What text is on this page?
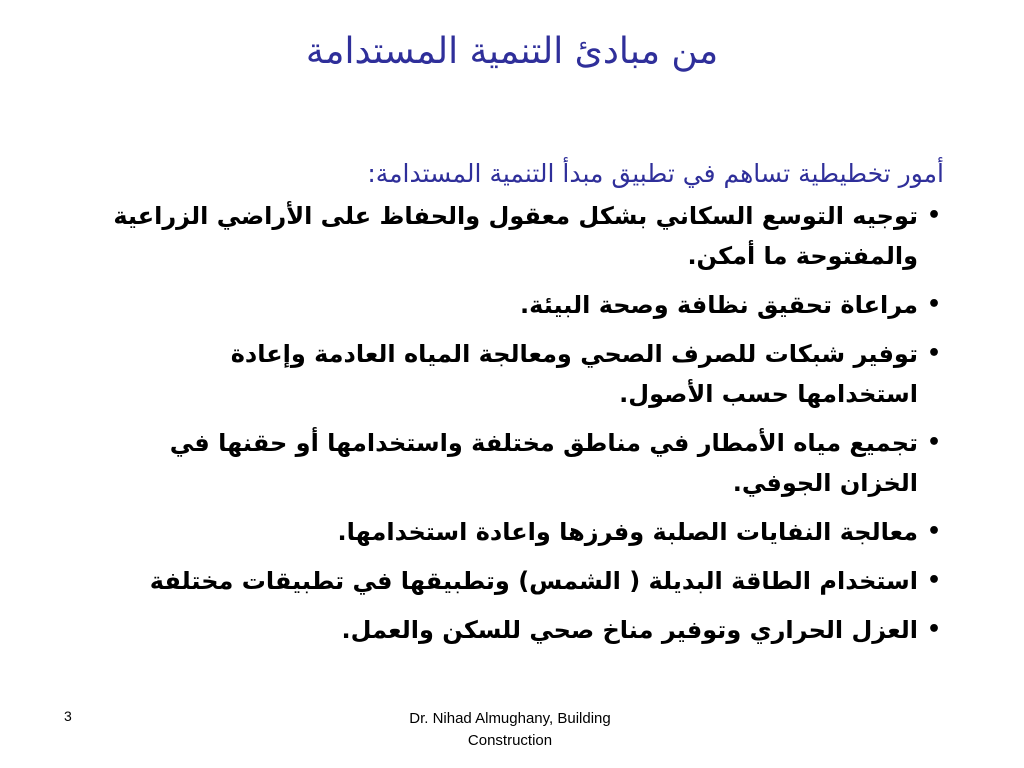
من مبادئ التنمية المستدامة
أمور تخطيطية تساهم في تطبيق مبدأ التنمية المستدامة:
•
توجيه التوسع السكاني بشكل معقول والحفاظ على الأراضي الزراعية والمفتوحة ما أمكن.
•
مراعاة تحقيق نظافة وصحة البيئة.
•
توفير شبكات للصرف الصحي ومعالجة المياه العادمة وإعادة استخدامها حسب الأصول.
•
تجميع مياه الأمطار في مناطق مختلفة واستخدامها أو حقنها في الخزان الجوفي.
•
معالجة النفايات الصلبة وفرزها واعادة استخدامها.
•
استخدام الطاقة البديلة ( الشمس) وتطبيقها في تطبيقات مختلفة
•
العزل الحراري وتوفير مناخ صحي للسكن والعمل.
3	Dr. Nihad Almughany, Building Construction
